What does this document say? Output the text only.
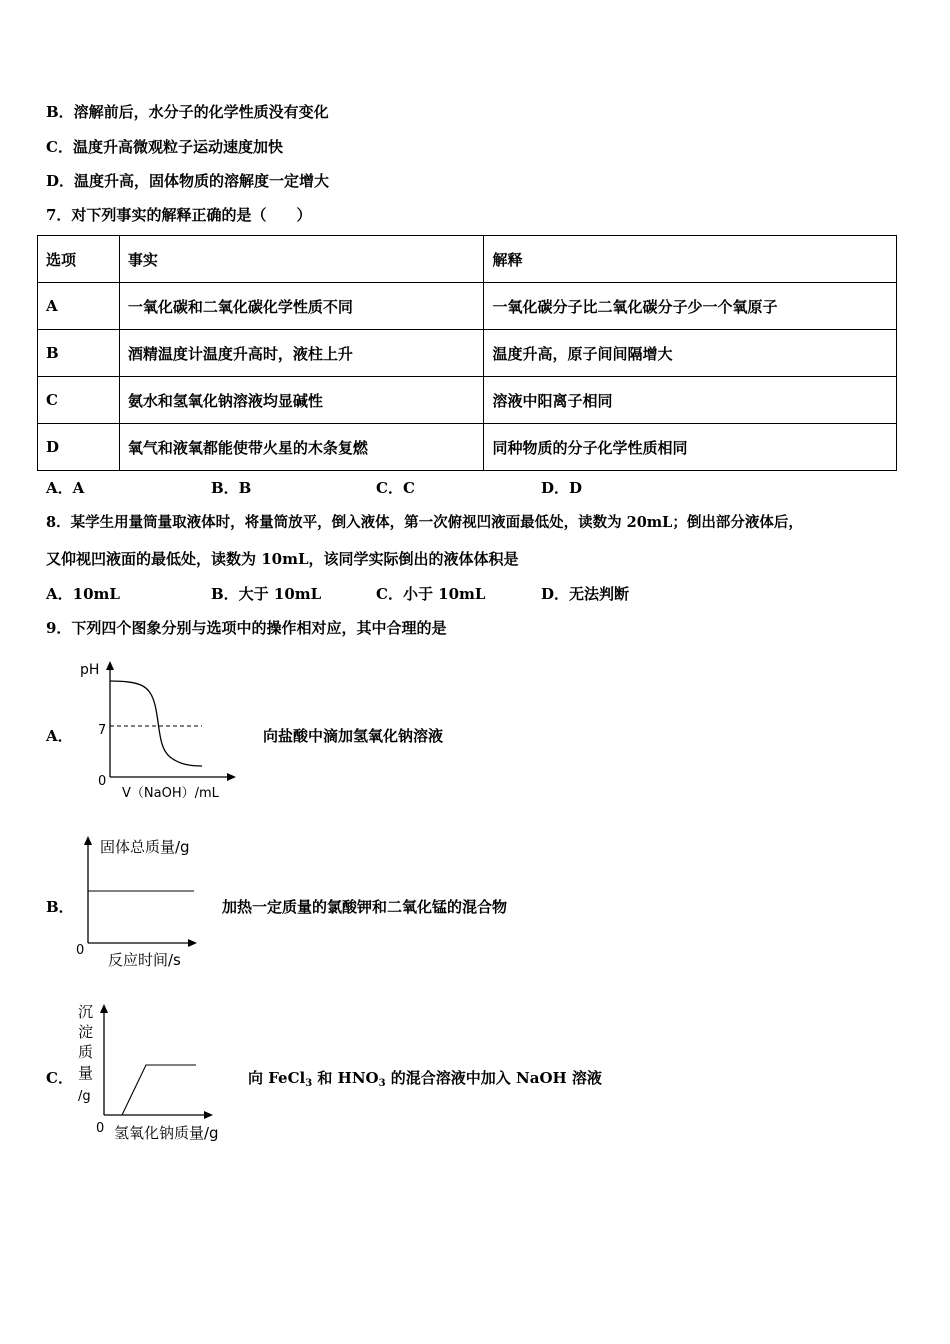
B．溶解前后，水分子的化学性质没有变化
C．温度升高微观粒子运动速度加快
D．温度升高，固体物质的溶解度一定增大
7．对下列事实的解释正确的是（　　）
选项	事实	解释
A	一氧化碳和二氧化碳化学性质不同	一氧化碳分子比二氧化碳分子少一个氧原子
B	酒精温度计温度升高时，液柱上升	温度升高，原子间间隔增大
C	氨水和氢氧化钠溶液均显碱性	溶液中阳离子相同
D	氧气和液氧都能使带火星的木条复燃	同种物质的分子化学性质相同
A．A	B．B	C．C	D．D
8．某学生用量筒量取液体时，将量筒放平，倒入液体，第一次俯视凹液面最低处，读数为 20mL；倒出部分液体后，
又仰视凹液面的最低处，读数为 10mL，该同学实际倒出的液体体积是
A．10mL	B．大于 10mL	C．小于 10mL	D．无法判断
9．下列四个图象分别与选项中的操作相对应，其中合理的是
A．
pH
7
0
V（NaOH）/mL
向盐酸中滴加氢氧化钠溶液
B．
固体总质量/g
0
反应时间/s
加热一定质量的氯酸钾和二氧化锰的混合物
C．
沉
淀
质
量
/g
0 氢氧化钠质量/g
向 FeCl$_3$ 和 $HNO_3$ 的混合溶液中加入 NaOH 溶液
